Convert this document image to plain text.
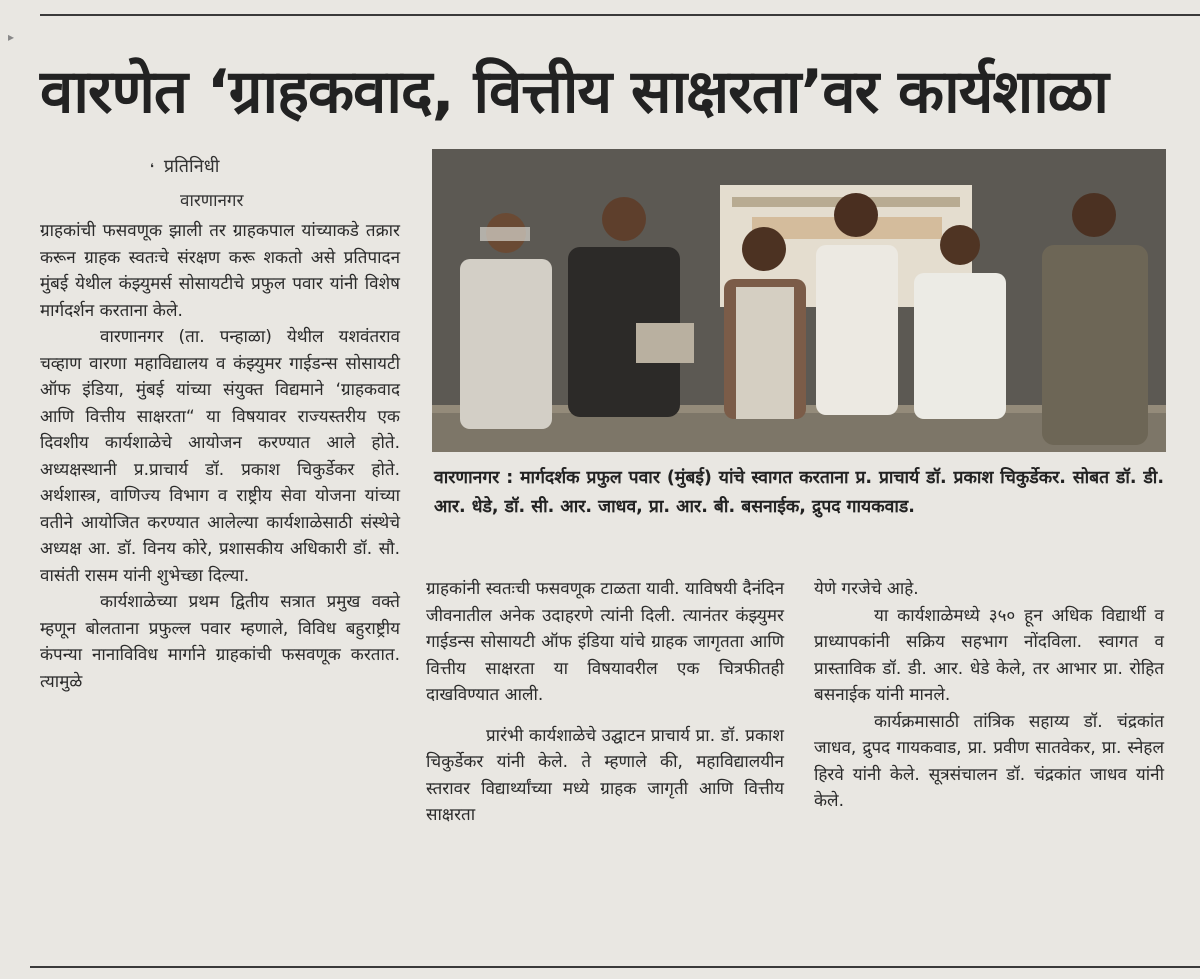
▸
वारणेत ‘ग्राहकवाद, वित्तीय साक्षरता’वर कार्यशाळा
❛ प्रतिनिधी
वारणानगर

ग्राहकांची फसवणूक झाली तर ग्राहकपाल यांच्याकडे तक्रार करून ग्राहक स्वतःचे संरक्षण करू शकतो असे प्रतिपादन मुंबई येथील कंझ्युमर्स सोसायटीचे प्रफुल पवार यांनी विशेष मार्गदर्शन करताना केले.

वारणानगर (ता. पन्हाळा) येथील यशवंतराव चव्हाण वारणा महाविद्यालय व कंझ्युमर गाईडन्स सोसायटी ऑफ इंडिया, मुंबई यांच्या संयुक्त विद्यमाने ‘ग्राहकवाद आणि वित्तीय साक्षरता“ या विषयावर राज्यस्तरीय एक दिवशीय कार्यशाळेचे आयोजन करण्यात आले होते. अध्यक्षस्थानी प्र.प्राचार्य डॉ. प्रकाश चिकुर्डेकर होते. अर्थशास्त्र, वाणिज्य विभाग व राष्ट्रीय सेवा योजना यांच्या वतीने आयोजित करण्यात आलेल्या कार्यशाळेसाठी संस्थेचे अध्यक्ष आ. डॉ. विनय कोरे, प्रशासकीय अधिकारी डॉ. सौ. वासंती रासम यांनी शुभेच्छा दिल्या.

कार्यशाळेच्या प्रथम द्वितीय सत्रात प्रमुख वक्ते म्हणून बोलताना प्रफुल्ल पवार म्हणाले, विविध बहुराष्ट्रीय कंपन्या नानाविविध मार्गाने ग्राहकांची फसवणूक करतात. त्यामुळे

वारणानगर : मार्गदर्शक प्रफुल पवार (मुंबई) यांचे स्वागत करताना प्र. प्राचार्य डॉ. प्रकाश चिकुर्डेकर. सोबत डॉ. डी. आर. धेडे, डॉ. सी. आर. जाधव, प्रा. आर. बी. बसनाईक, द्रुपद गायकवाड.

ग्राहकांनी स्वतःची फसवणूक टाळता यावी. याविषयी दैनंदिन जीवनातील अनेक उदाहरणे त्यांनी दिली. त्यानंतर कंझ्युमर गाईडन्स सोसायटी ऑफ इंडिया यांचे ग्राहक जागृतता आणि वित्तीय साक्षरता या विषयावरील एक चित्रफीतही दाखविण्यात आली.

प्रारंभी कार्यशाळेचे उद्घाटन प्राचार्य प्रा. डॉ. प्रकाश चिकुर्डेकर यांनी केले. ते म्हणाले की, महाविद्यालयीन स्तरावर विद्यार्थ्यांच्या मध्ये ग्राहक जागृती आणि वित्तीय साक्षरता

येणे गरजेचे आहे.

या कार्यशाळेमध्ये ३५० हून अधिक विद्यार्थी व प्राध्यापकांनी सक्रिय सहभाग नोंदविला. स्वागत व प्रास्ताविक डॉ. डी. आर. धेडे केले, तर आभार प्रा. रोहित बसनाईक यांनी मानले.

कार्यक्रमासाठी तांत्रिक सहाय्य डॉ. चंद्रकांत जाधव, द्रुपद गायकवाड, प्रा. प्रवीण सातवेकर, प्रा. स्नेहल हिरवे यांनी केले. सूत्रसंचालन डॉ. चंद्रकांत जाधव यांनी केले.
